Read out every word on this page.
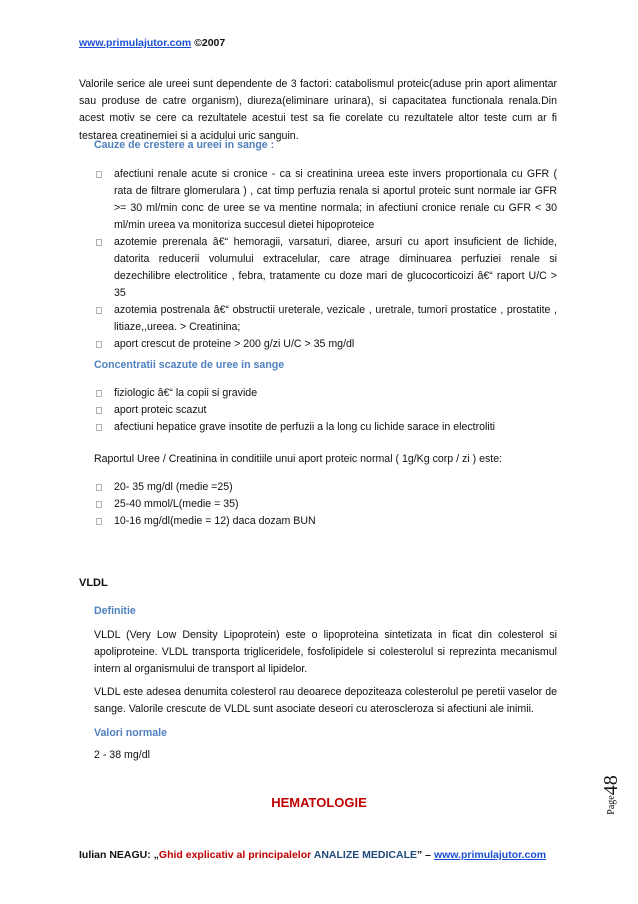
www.primulajutor.com ©2007
Valorile serice ale ureei sunt dependente de 3 factori: catabolismul proteic(aduse prin aport alimentar sau produse de catre organism), diureza(eliminare urinara), si capacitatea functionala renala.Din acest motiv se cere ca rezultatele acestui test sa fie corelate cu rezultatele altor teste cum ar fi testarea creatinemiei si a acidului uric sanguin.
Cauze de crestere a ureei in sange :
afectiuni renale acute si cronice - ca si creatinina ureea este invers proportionala cu GFR ( rata de filtrare glomerulara ) , cat timp perfuzia renala si aportul proteic sunt normale iar GFR >= 30 ml/min conc de uree se va mentine normala; in afectiuni cronice renale cu GFR < 30 ml/min ureea va monitoriza succesul dietei hipoproteice
azotemie prerenala â€“ hemoragii, varsaturi, diaree, arsuri cu aport insuficient de lichide, datorita reducerii volumului extracelular, care atrage diminuarea perfuziei renale si dezechilibre electrolitice , febra, tratamente cu doze mari de glucocorticoizi â€“ raport U/C > 35
azotemia postrenala â€“ obstructii ureterale, vezicale , uretrale, tumori prostatice , prostatite , litiaze,,ureea. > Creatinina;
aport crescut de proteine > 200 g/zi U/C > 35 mg/dl
Concentratii scazute de uree in sange
fiziologic â€“ la copii si gravide
aport proteic scazut
afectiuni hepatice grave insotite de perfuzii a la long cu lichide sarace in electroliti
Raportul Uree / Creatinina in conditiile unui aport proteic normal ( 1g/Kg corp / zi ) este:
20- 35 mg/dl (medie =25)
25-40 mmol/L(medie = 35)
10-16 mg/dl(medie = 12) daca dozam BUN
VLDL
Definitie
VLDL (Very Low Density Lipoprotein) este o lipoproteina sintetizata in ficat din colesterol si apoliproteine. VLDL transporta trigliceridele, fosfolipidele si colesterolul si reprezinta mecanismul intern al organismului de transport al lipidelor.
VLDL este adesea denumita colesterol rau deoarece depoziteaza colesterolul pe peretii vaselor de sange. Valorile crescute de VLDL sunt asociate deseori cu ateroscleroza si afectiuni ale inimii.
Valori normale
2 - 38 mg/dl
HEMATOLOGIE	Page
48
Iulian NEAGU: „Ghid explicativ al principalelor ANALIZE MEDICALE” – www.primulajutor.com
